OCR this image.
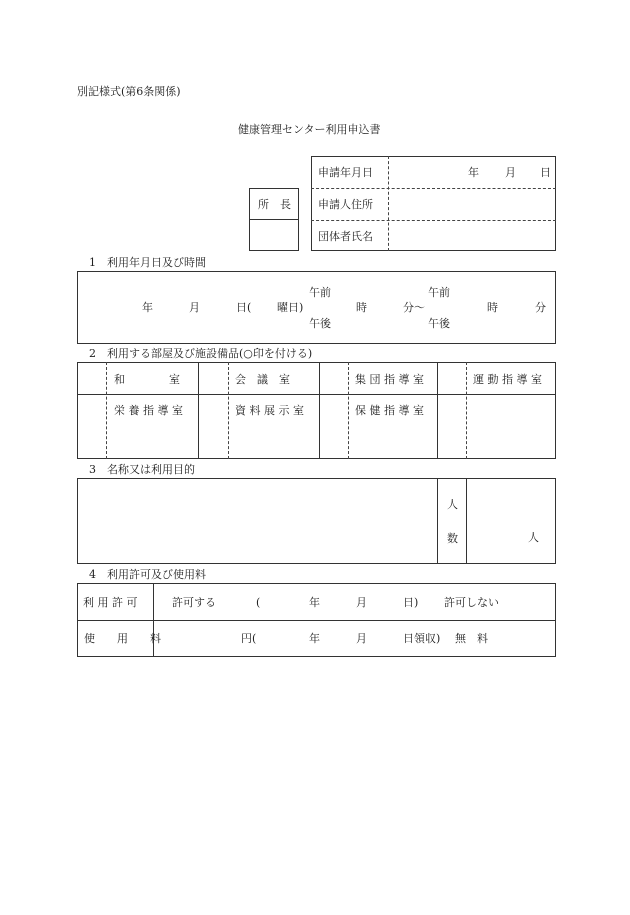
別記様式(第6条関係)
健康管理センター利用申込書
所　長
申請年月日	年 月 日
申請人住所
団体者氏名
1　利用年月日及び時間
年	月	日( 曜日)
午前
午後
時	分〜
午前
午後
時	分
2　利用する部屋及び施設備品(○印を付ける)
和　　　　室	会　議　室	集 団 指 導 室	運 動 指 導 室
栄 養 指 導 室	資 料 展 示 室	保 健 指 導 室
3　名称又は利用目的
人
数	人
4　利用許可及び使用料
利 用 許 可	許可する	(	年	月	日) 許可しない
使　　用　　料	円(	年	月	日領収) 無　料
